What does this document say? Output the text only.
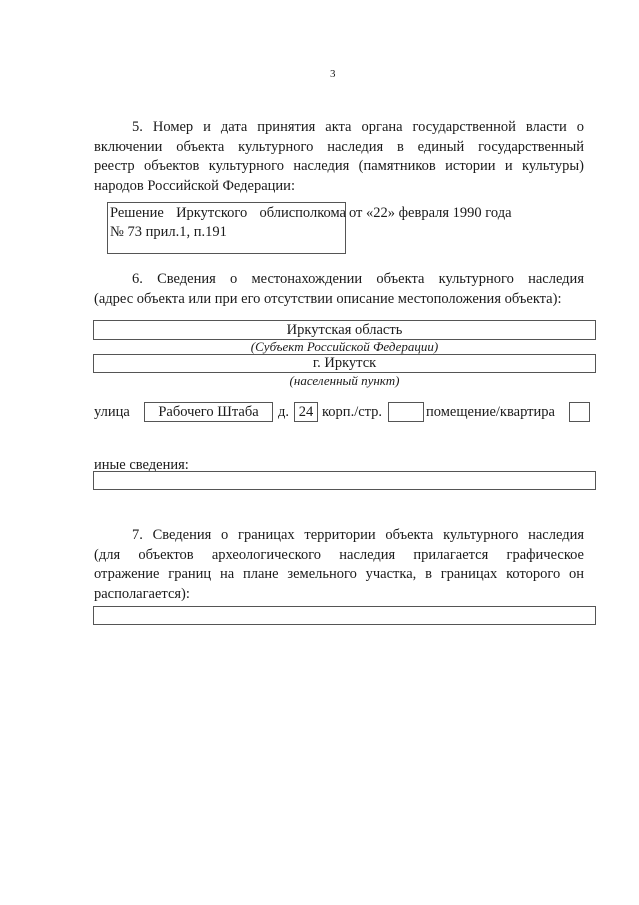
3
5. Номер и дата принятия акта органа государственной власти о
включении объекта культурного наследия в единый государственный
реестр объектов культурного наследия (памятников истории и культуры)
народов Российской Федерации:
Решение Иркутского облисполкома
№ 73 прил.1, п.191
от «22» февраля 1990 года
6. Сведения о местонахождении объекта культурного наследия
(адрес объекта или при его отсутствии описание местоположения объекта):
Иркутская область
(Субъект Российской Федерации)
г. Иркутск
(населенный пункт)
улица	Рабочего Штаба	д. 24 корп./стр.	помещение/квартира
иные сведения:
7. Сведения о границах территории объекта культурного наследия
(для объектов археологического наследия прилагается графическое
отражение границ на плане земельного участка, в границах которого он
располагается):
